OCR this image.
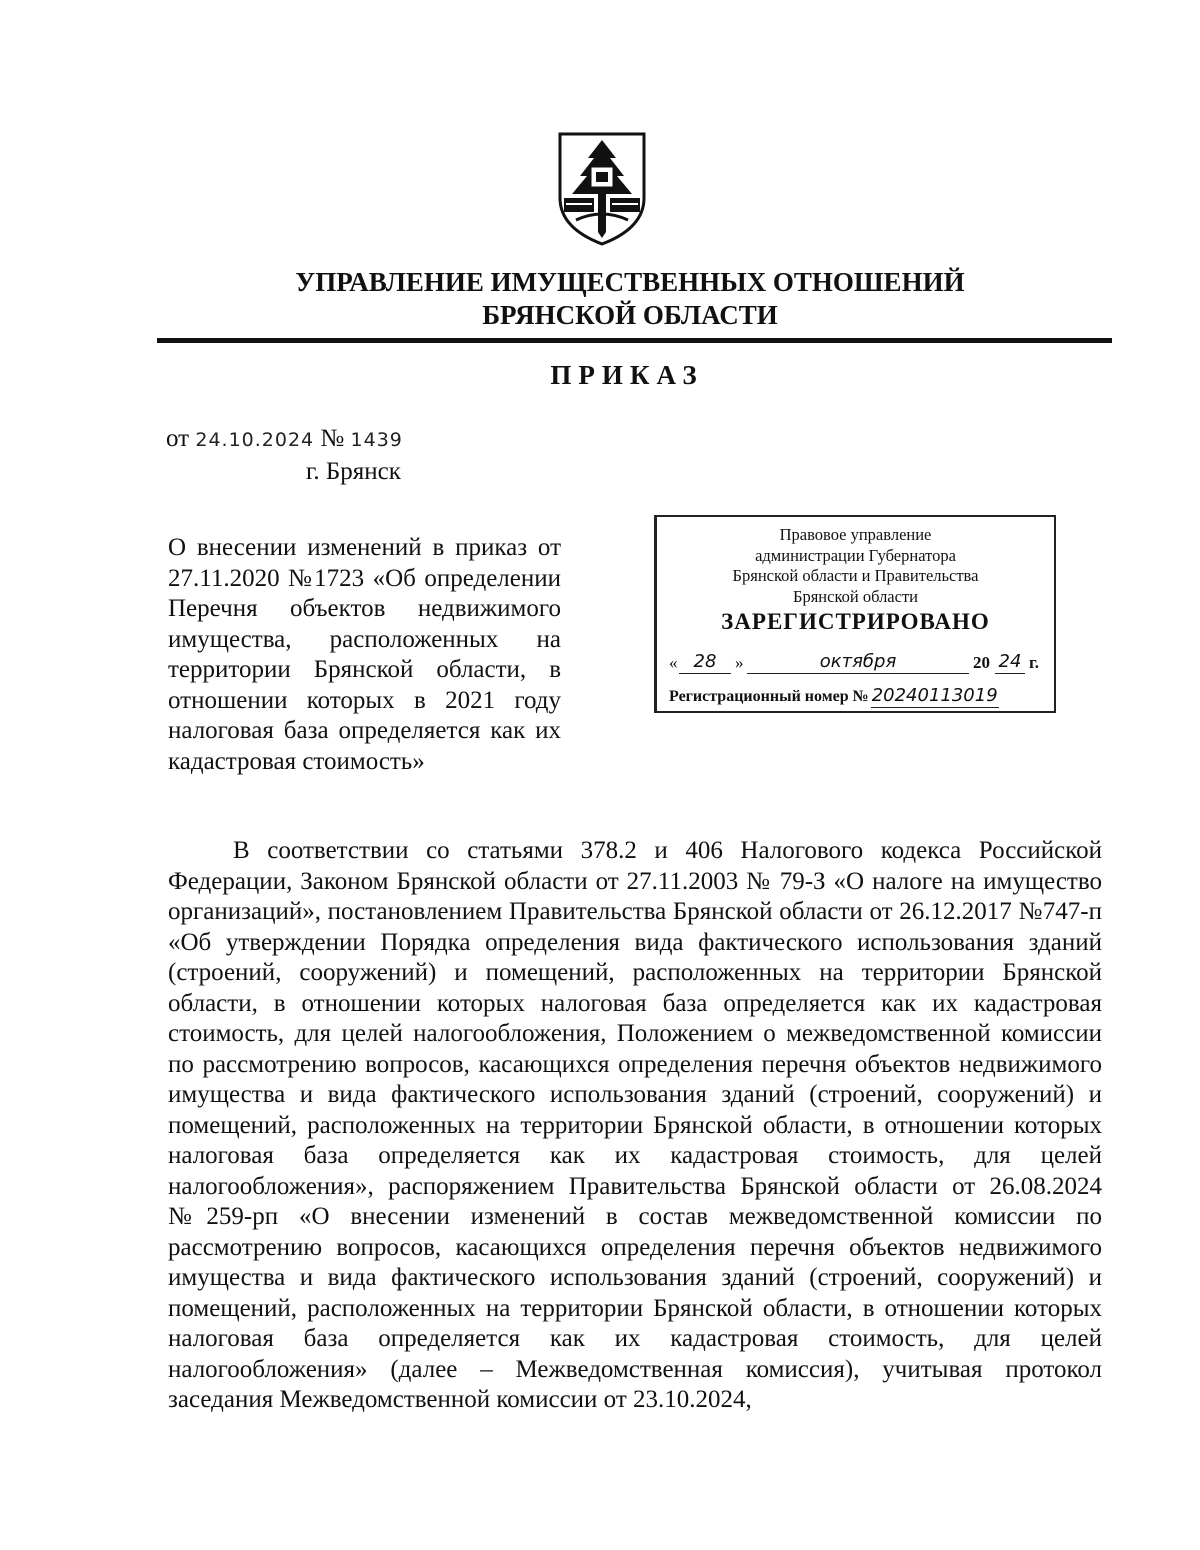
УПРАВЛЕНИЕ ИМУЩЕСТВЕННЫХ ОТНОШЕНИЙ
БРЯНСКОЙ ОБЛАСТИ
ПРИКАЗ
от 24.10.2024 № 1439
г. Брянск
О внесении изменений в приказ от 27.11.2020 №1723 «Об определении Перечня объектов недвижимого имущества, расположенных на территории Брянской области, в отношении которых в 2021 году налоговая база определяется как их кадастровая стоимость»
Правовое управление
администрации Губернатора
Брянской области и Правительства
Брянской области
ЗАРЕГИСТРИРОВАНО
« 28	»	октября	20 24 г.
Регистрационный номер № 20240113019

В соответствии со статьями 378.2 и 406 Налогового кодекса Российской Федерации, Законом Брянской области от 27.11.2003 № 79-З «О налоге на имущество организаций», постановлением Правительства Брянской области от 26.12.2017 №747-п «Об утверждении Порядка определения вида фактического использования зданий (строений, сооружений) и помещений, расположенных на территории Брянской области, в отношении которых налоговая база определяется как их кадастровая стоимость, для целей налогообложения, Положением о межведомственной комиссии по рассмотрению вопросов, касающихся определения перечня объектов недвижимого имущества и вида фактического использования зданий (строений, сооружений) и помещений, расположенных на территории Брянской области, в отношении которых налоговая база определяется как их кадастровая стоимость, для целей налогообложения», распоряжением Правительства Брянской области от 26.08.2024 №259-рп «О внесении изменений в состав межведомственной комиссии по рассмотрению вопросов, касающихся определения перечня объектов недвижимого имущества и вида фактического использования зданий (строений, сооружений) и помещений, расположенных на территории Брянской области, в отношении которых налоговая база определяется как их кадастровая стоимость, для целей налогообложения» (далее – Межведомственная комиссия), учитывая протокол заседания Межведомственной комиссии от 23.10.2024,
